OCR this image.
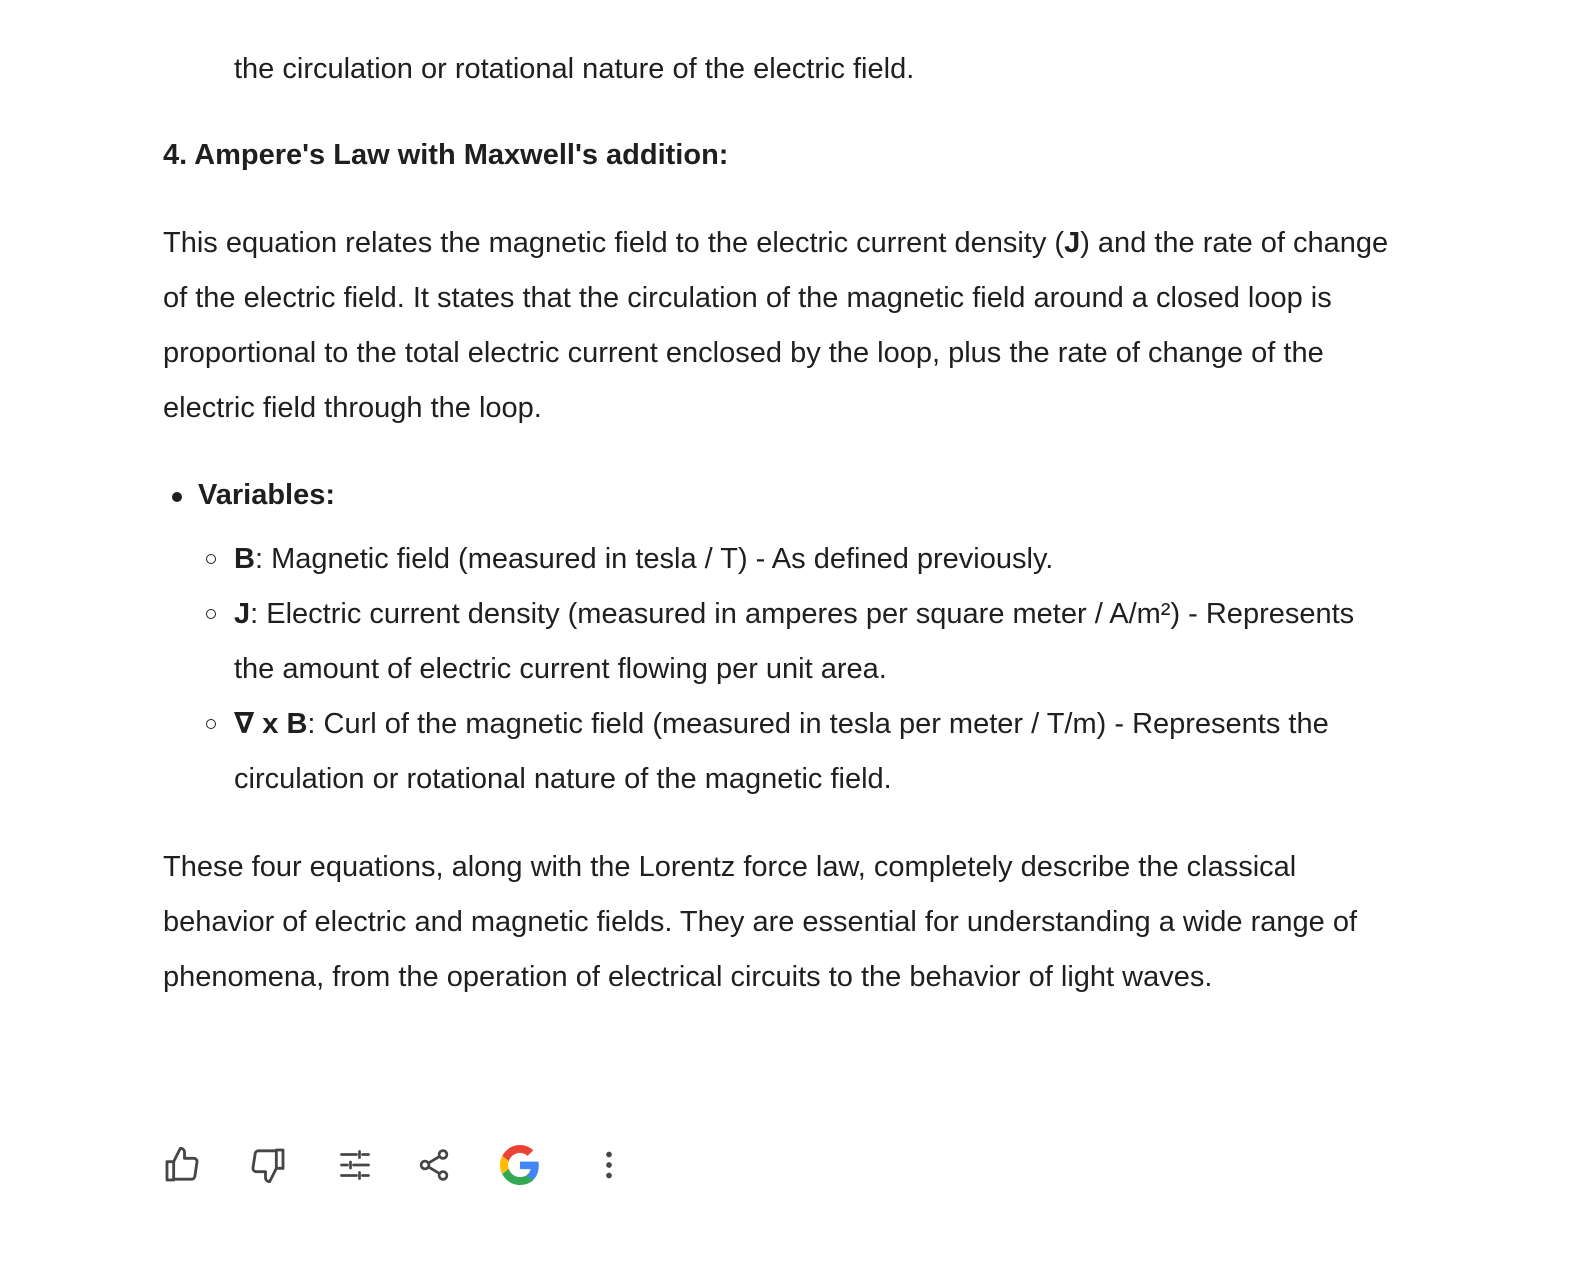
the circulation or rotational nature of the electric field.
4. Ampere's Law with Maxwell's addition:

This equation relates the magnetic field to the electric current density (J) and the rate of change of the electric field. It states that the circulation of the magnetic field around a closed loop is proportional to the total electric current enclosed by the loop, plus the rate of change of the electric field through the loop.

Variables:
B: Magnetic field (measured in tesla / T) - As defined previously.
J: Electric current density (measured in amperes per square meter / A/m²) - Represents the amount of electric current flowing per unit area.
∇ x B: Curl of the magnetic field (measured in tesla per meter / T/m) - Represents the circulation or rotational nature of the magnetic field.

These four equations, along with the Lorentz force law, completely describe the classical behavior of electric and magnetic fields. They are essential for understanding a wide range of phenomena, from the operation of electrical circuits to the behavior of light waves.
